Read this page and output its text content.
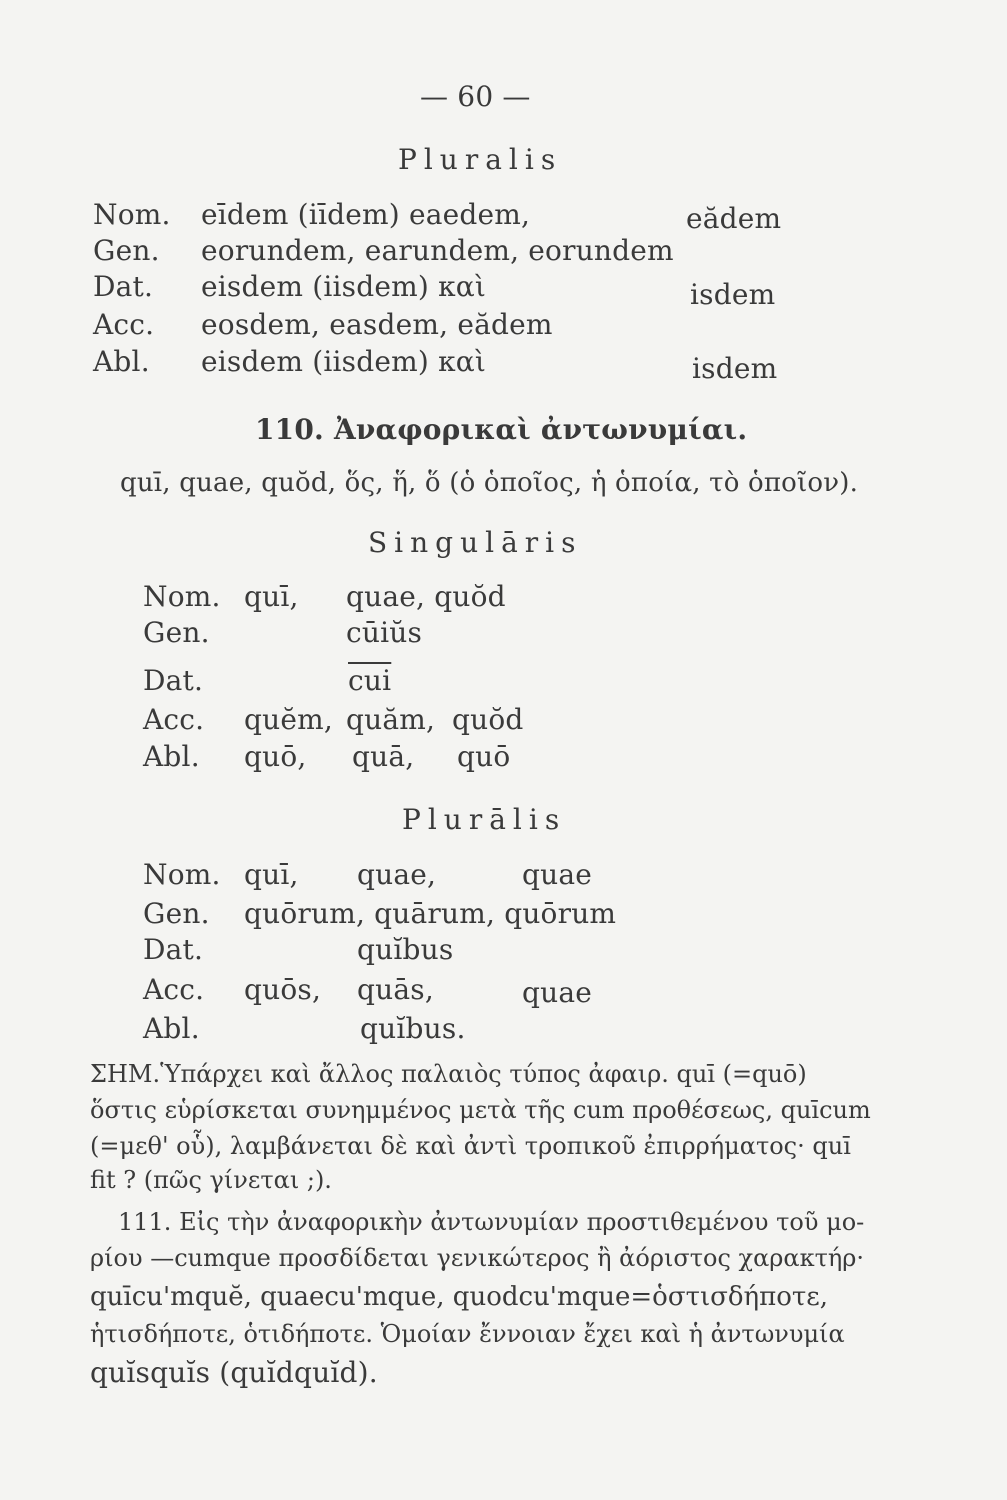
— 60 —
Pluralis
Nom. eīdem (iīdem) eaedem,	eădem
Gen. eorundem, earundem, eorundem
Dat. eisdem (iisdem) καὶ	isdem
Acc. eosdem, easdem, eădem
Abl. eisdem (iisdem) καὶ	isdem
110. Ἀναφορικαὶ ἀντωνυμίαι.
quī, quae, quŏd, ὅς, ἥ, ὅ (ὁ ὁποῖος, ἡ ὁποία, τὸ ὁποῖον).
Singulāris
Nom. quī, quae, quŏd
Gen.	cūiŭs
Dat.	$\overline{cui}$
Acc. quĕm, quăm, quŏd
Abl. quō, quā, quō
Plurālis
Nom. quī, quae,	quae
Gen. quōrum, quārum, quōrum
Dat.	quĭbus
Acc. quōs, quās,	quae
Abl.	quĭbus.
ΣΗΜ.Ὑπάρχει καὶ ἄλλος παλαιὸς τύπος ἀφαιρ. quī (=quō)
ὅστις εὑρίσκεται συνημμένος μετὰ τῆς cum προθέσεως, quīcum
(=μεθ' οὗ), λαμβάνεται δὲ καὶ ἀντὶ τροπικοῦ ἐπιρρήματος· quī
fit ? (πῶς γίνεται ;).
111. Εἰς τὴν ἀναφορικὴν ἀντωνυμίαν προστιθεμένου τοῦ μο-
ρίου —cumque προσδίδεται γενικώτερος ἢ ἀόριστος χαρακτήρ·
quīcu'mquĕ, quaecu'mque, quodcu'mque=ὁστισδήποτε,
ἡτισδήποτε, ὁτιδήποτε. Ὁμοίαν ἔννοιαν ἔχει καὶ ἡ ἀντωνυμία
quĭsquĭs (quĭdquĭd).
